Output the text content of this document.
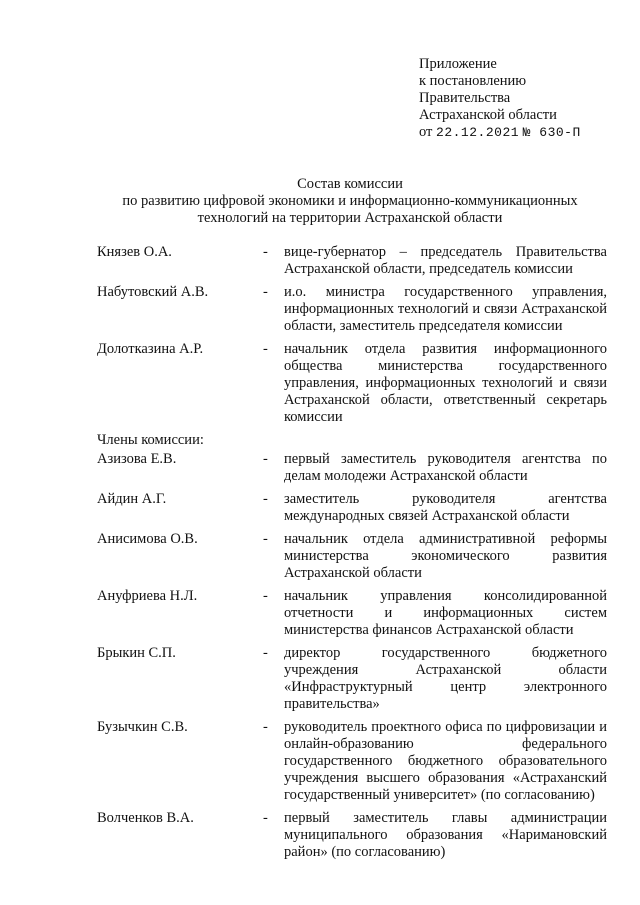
Приложение
к постановлению
Правительства
Астраханской области
от 22.12.2021 № 630-П
Состав комиссии
по развитию цифровой экономики и информационно-коммуникационных
технологий на территории Астраханской области
Князев О.А.	- вице-губернатор – председатель Правительства Астраханской области, председатель комиссии
Набутовский А.В.	- и.о. министра государственного управления, информационных технологий и связи Астраханской области, заместитель председателя комиссии
Долотказина А.Р.	- начальник отдела развития информационного общества министерства государственного управления, информационных технологий и связи Астраханской области, ответственный секретарь комиссии
Члены комиссии:
Азизова Е.В.	- первый заместитель руководителя агентства по делам молодежи Астраханской области
Айдин А.Г.	- заместитель руководителя агентства международных связей Астраханской области
Анисимова О.В.	- начальник отдела административной реформы министерства экономического развития Астраханской области
Ануфриева Н.Л.	- начальник управления консолидированной отчетности и информационных систем министерства финансов Астраханской области
Брыкин С.П.	- директор государственного бюджетного учреждения Астраханской области «Инфраструктурный центр электронного правительства»
Бузычкин С.В.	- руководитель проектного офиса по цифровизации и онлайн-образованию федерального государственного бюджетного образовательного учреждения высшего образования «Астраханский государственный университет» (по согласованию)
Волченков В.А.	- первый заместитель главы администрации муниципального образования «Наримановский район» (по согласованию)
